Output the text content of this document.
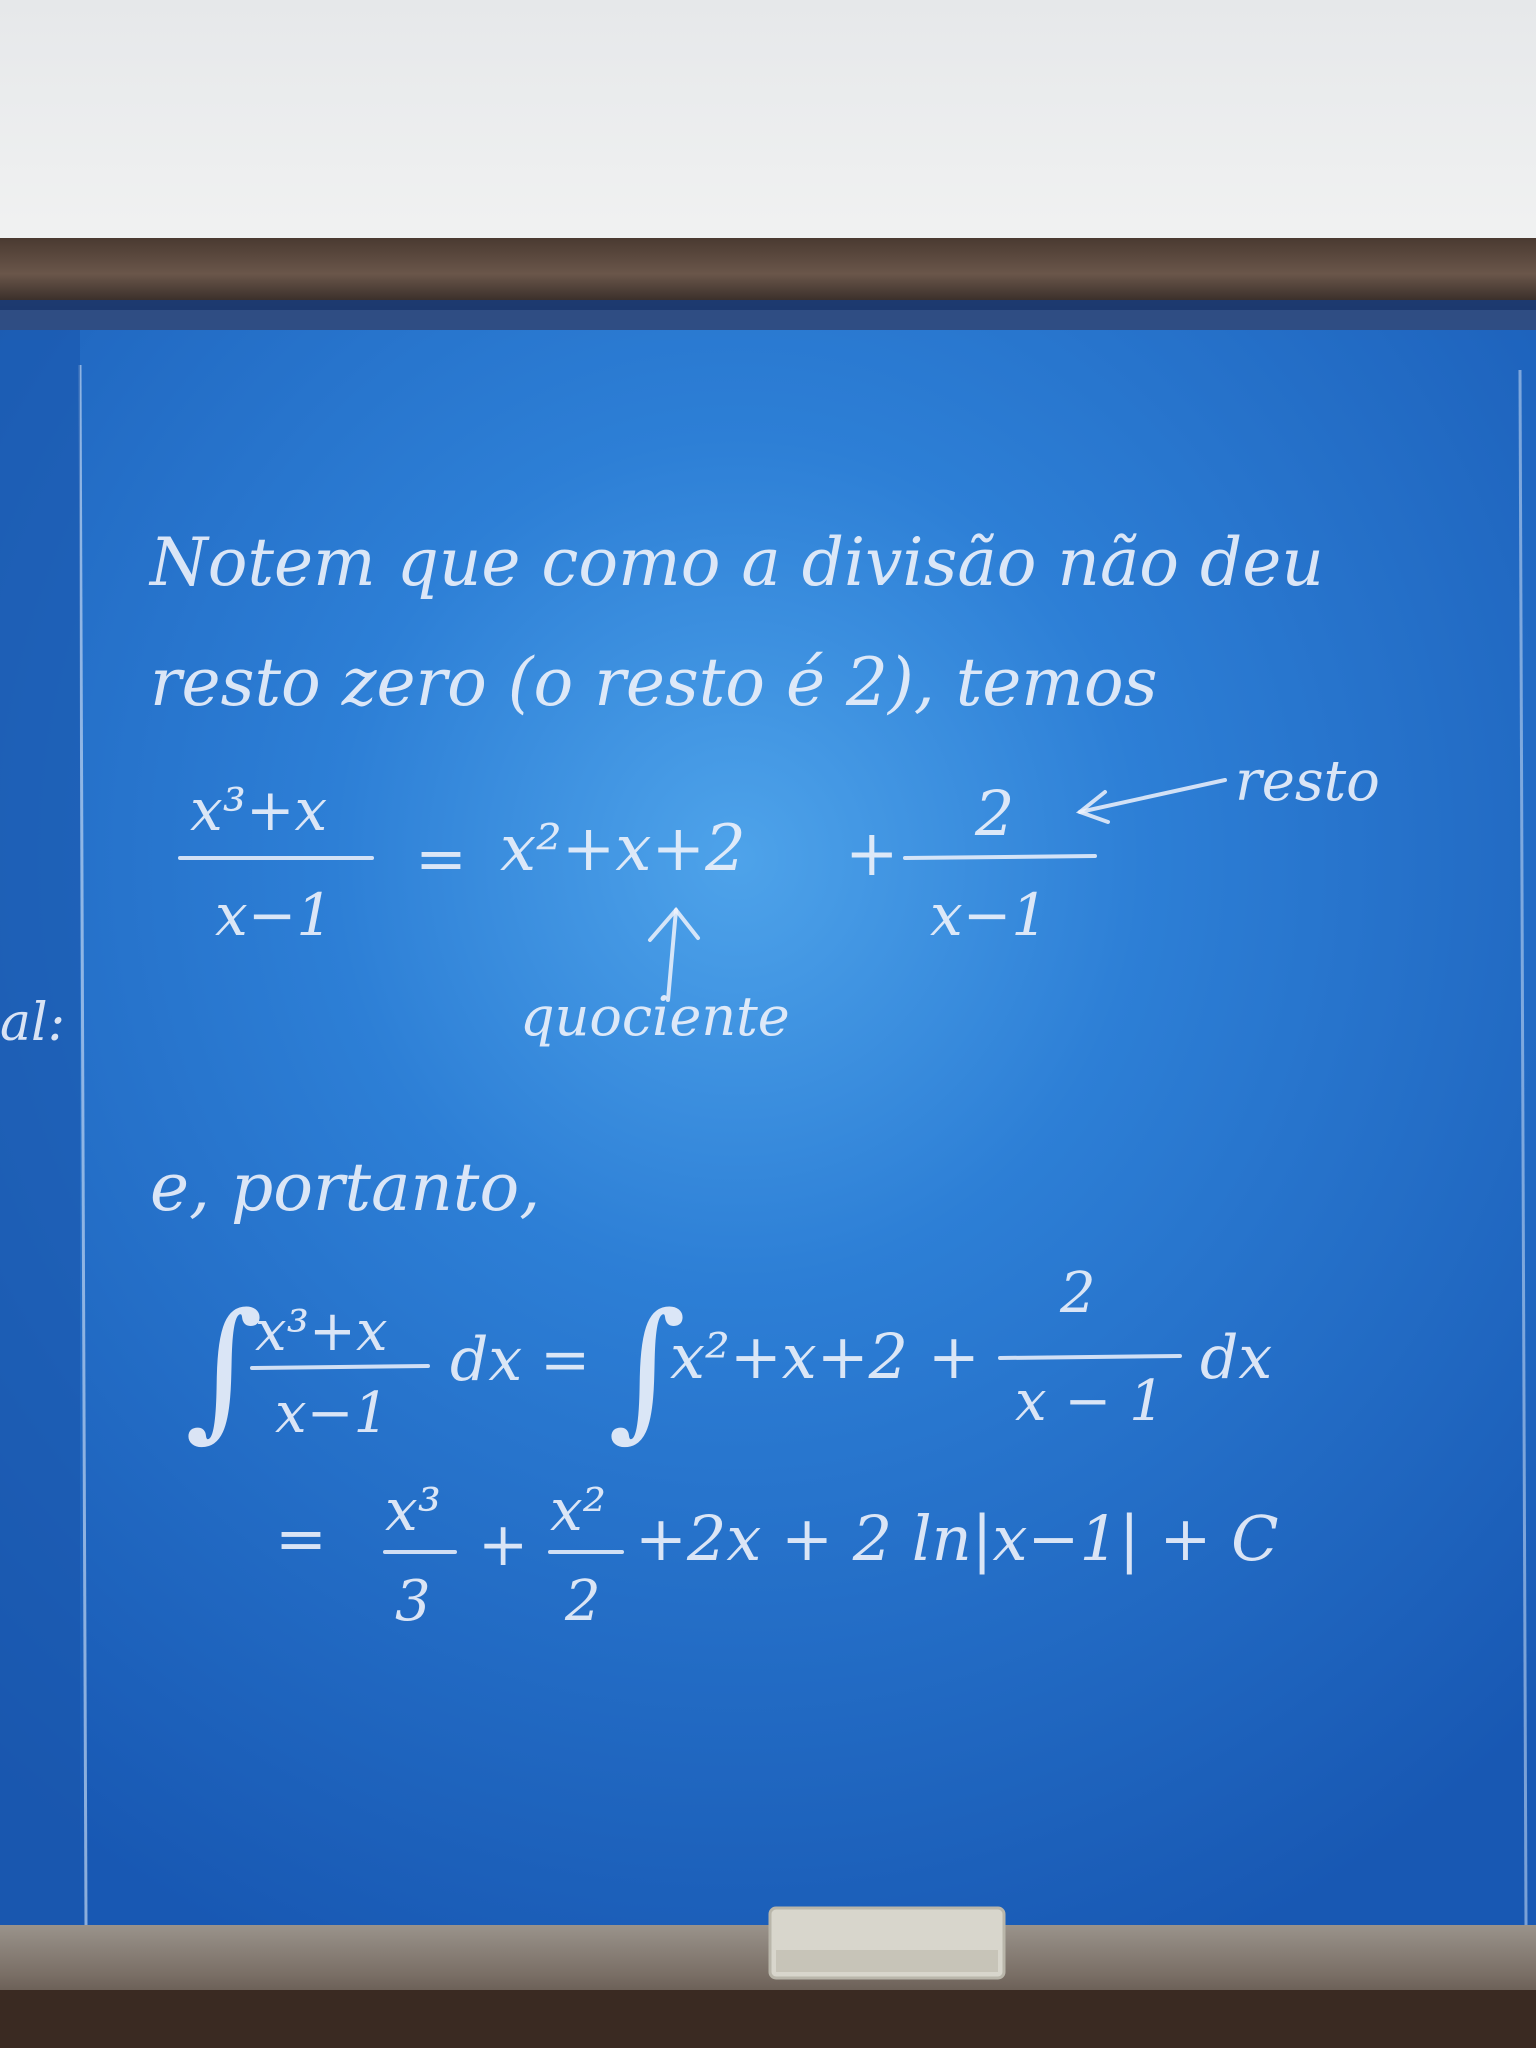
Notem que como a divisão não deu
resto zero (o resto é 2), temos
al:
x³+x
x−1
= x²+x+2 +
2
x−1
resto
quociente
e, portanto,
∫
x³+x
x−1
dx = ∫
x²+x+2 +
2
x − 1
dx
= x³
3
+ x²
2
+2x + 2 ln|x−1| + C
